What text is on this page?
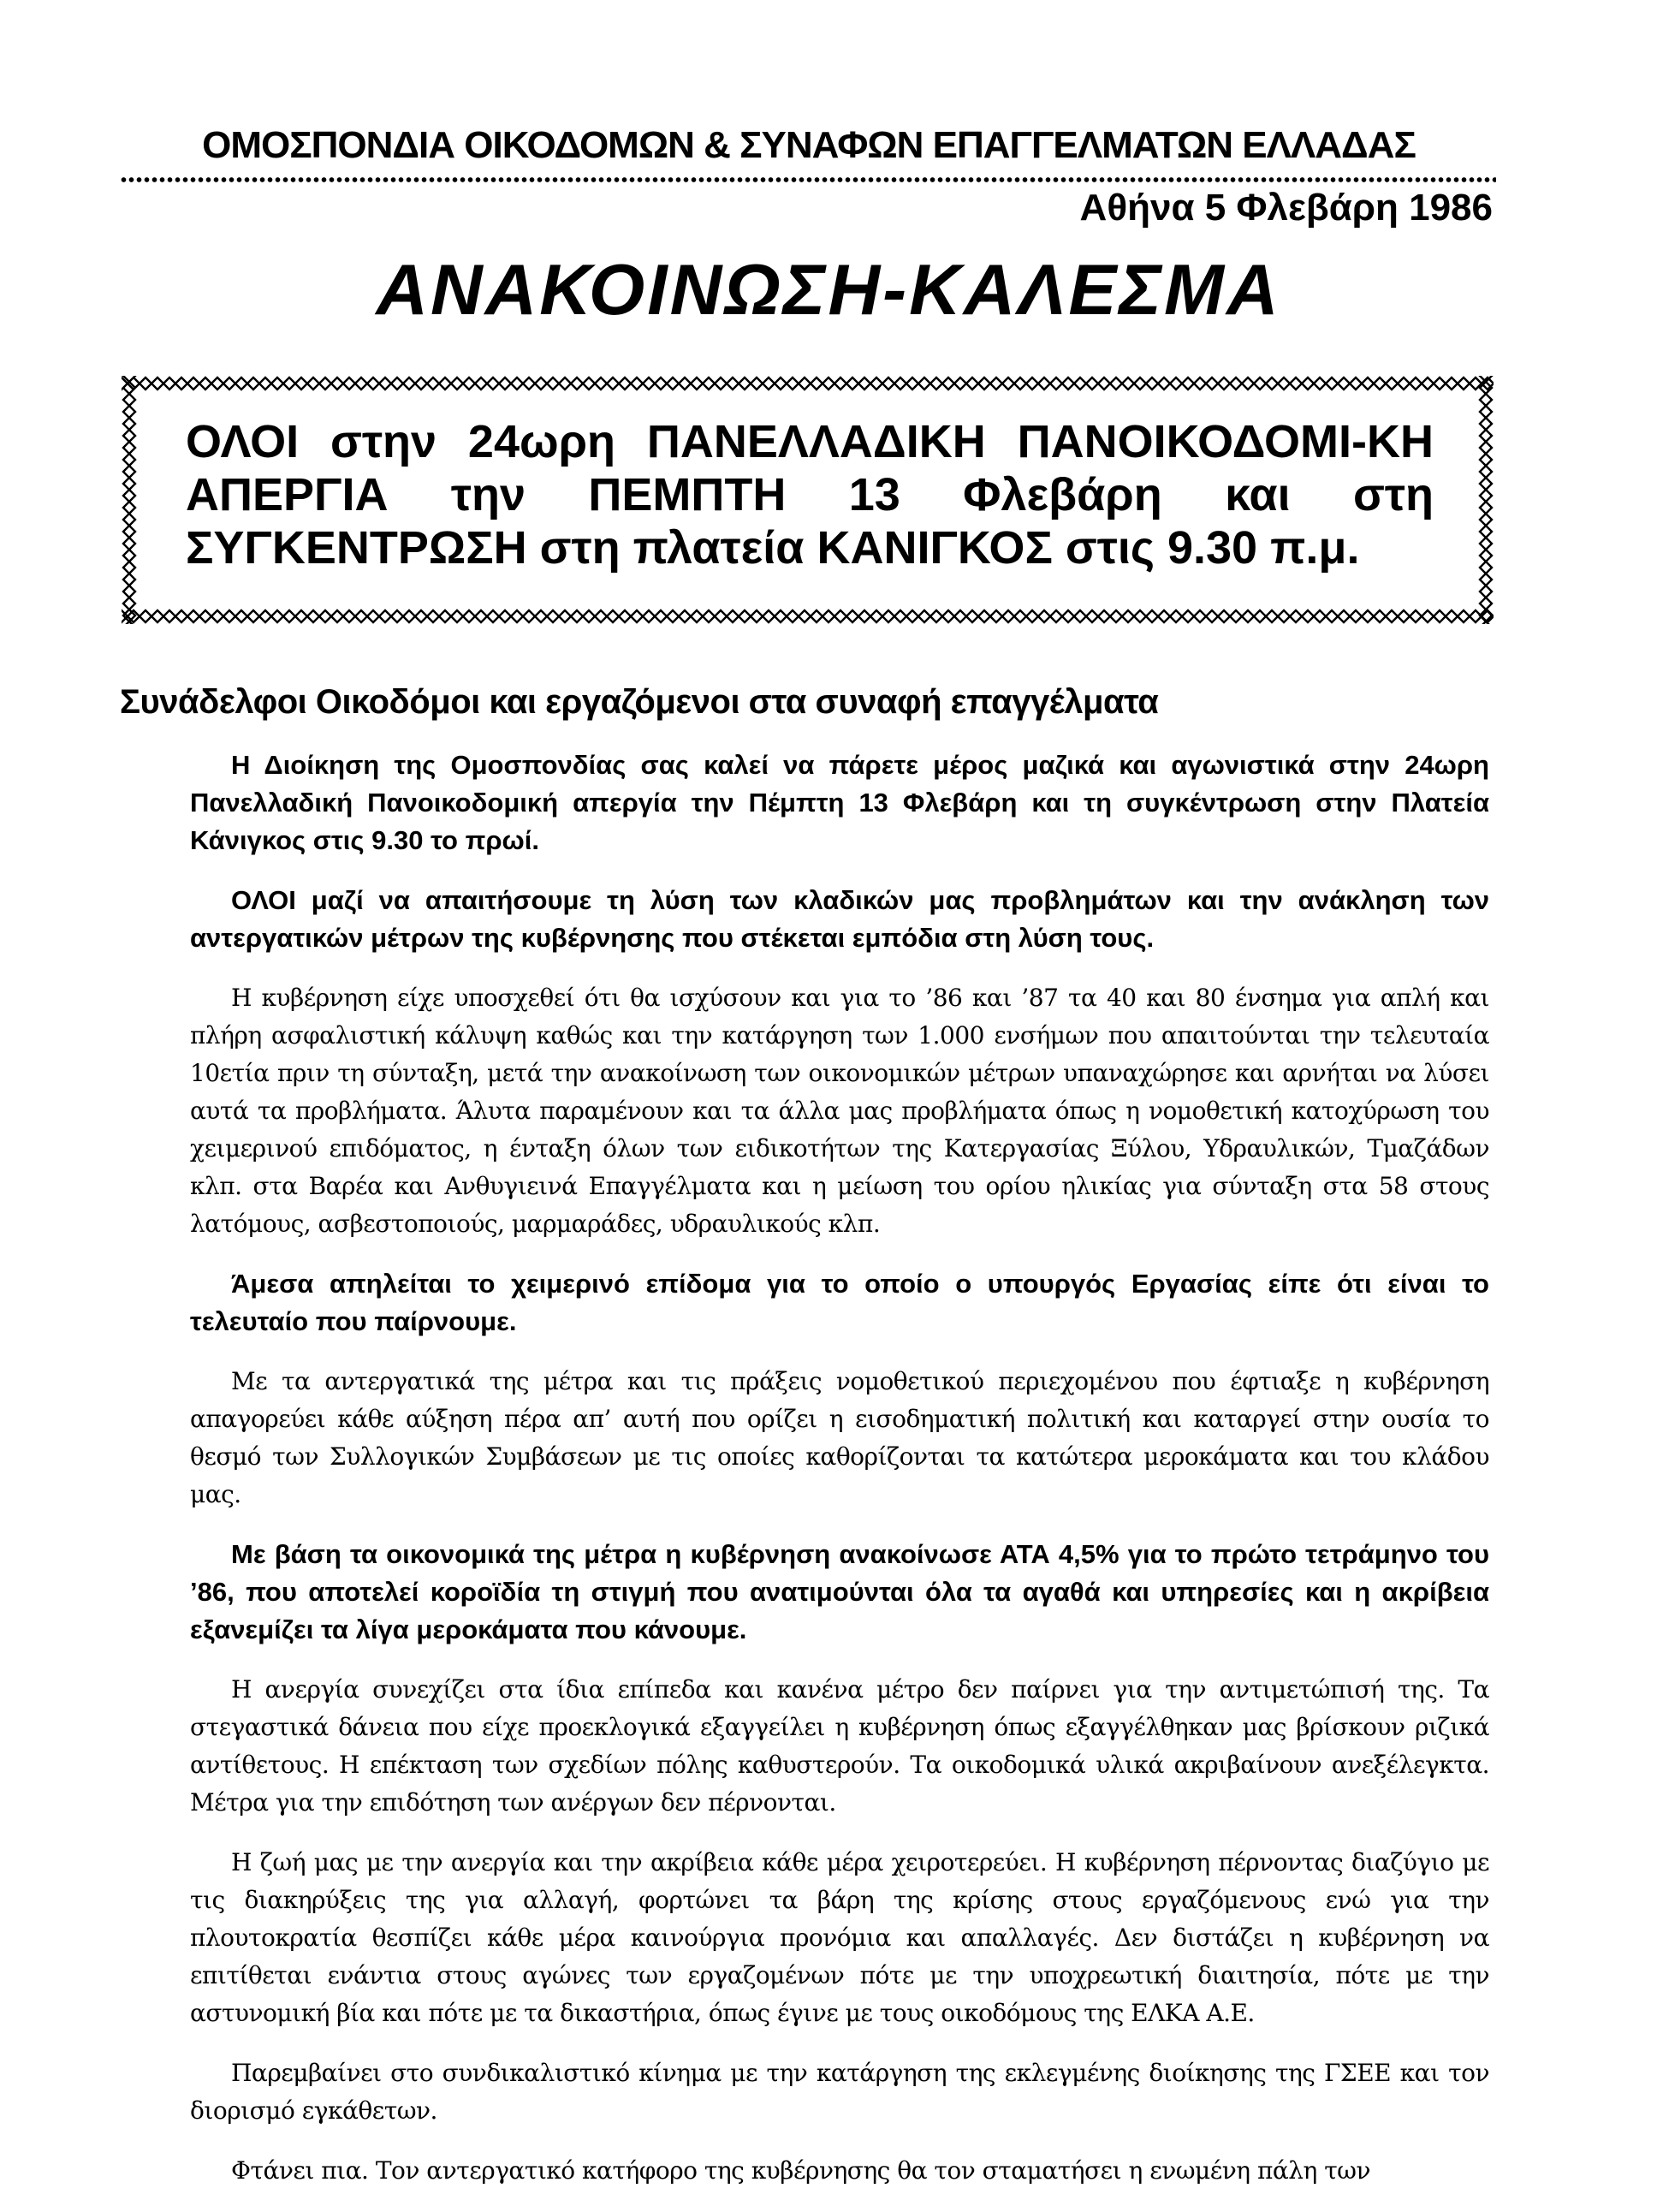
ΟΜΟΣΠΟΝΔΙΑ ΟΙΚΟΔΟΜΩΝ & ΣΥΝΑΦΩΝ ΕΠΑΓΓΕΛΜΑΤΩΝ ΕΛΛΑΔΑΣ
Αθήνα 5 Φλεβάρη 1986
ΑΝΑΚΟΙΝΩΣΗ-ΚΑΛΕΣΜΑ
ΟΛΟΙ στην 24ωρη ΠΑΝΕΛΛΑΔΙΚΗ ΠΑΝΟΙΚΟΔΟΜΙ-ΚΗ ΑΠΕΡΓΙΑ την ΠΕΜΠΤΗ 13 Φλεβάρη και στη ΣΥΓΚΕΝΤΡΩΣΗ στη πλατεία ΚΑΝΙΓΚΟΣ στις 9.30 π.μ.
Συνάδελφοι Οικοδόμοι και εργαζόμενοι στα συναφή επαγγέλματα

Η Διοίκηση της Ομοσπονδίας σας καλεί να πάρετε μέρος μαζικά και αγωνιστικά στην 24ωρη Πανελλαδική Πανοικοδομική απεργία την Πέμπτη 13 Φλεβάρη και τη συγκέντρωση στην Πλατεία Κάνιγκος στις 9.30 το πρωί.

ΟΛΟΙ μαζί να απαιτήσουμε τη λύση των κλαδικών μας προβλημάτων και την ανάκληση των αντεργατικών μέτρων της κυβέρνησης που στέκεται εμπόδια στη λύση τους.

Η κυβέρνηση είχε υποσχεθεί ότι θα ισχύσουν και για το ’86 και ’87 τα 40 και 80 ένσημα για απλή και πλήρη ασφαλιστική κάλυψη καθώς και την κατάργηση των 1.000 ενσήμων που απαιτούνται την τελευταία 10ετία πριν τη σύνταξη, μετά την ανακοίνωση των οικονομικών μέτρων υπαναχώρησε και αρνήται να λύσει αυτά τα προβλήματα. Άλυτα παραμένουν και τα άλλα μας προβλήματα όπως η νομοθετική κατοχύρωση του χειμερινού επιδόματος, η ένταξη όλων των ειδικοτήτων της Κατεργασίας Ξύλου, Υδραυλικών, Τμαζάδων κλπ. στα Βαρέα και Ανθυγιεινά Επαγγέλματα και η μείωση του ορίου ηλικίας για σύνταξη στα 58 στους λατόμους, ασβεστοποιούς, μαρμαράδες, υδραυλικούς κλπ.

Άμεσα απηλείται το χειμερινό επίδομα για το οποίο ο υπουργός Εργασίας είπε ότι είναι το τελευταίο που παίρνουμε.

Με τα αντεργατικά της μέτρα και τις πράξεις νομοθετικού περιεχομένου που έφτιαξε η κυβέρνηση απαγορεύει κάθε αύξηση πέρα απ’ αυτή που ορίζει η εισοδηματική πολιτική και καταργεί στην ουσία το θεσμό των Συλλογικών Συμβάσεων με τις οποίες καθορίζονται τα κατώτερα μεροκάματα και του κλάδου μας.

Με βάση τα οικονομικά της μέτρα η κυβέρνηση ανακοίνωσε ΑΤΑ 4,5% για το πρώτο τετράμηνο του ’86, που αποτελεί κοροϊδία τη στιγμή που ανατιμούνται όλα τα αγαθά και υπηρεσίες και η ακρίβεια εξανεμίζει τα λίγα μεροκάματα που κάνουμε.

Η ανεργία συνεχίζει στα ίδια επίπεδα και κανένα μέτρο δεν παίρνει για την αντιμετώπισή της. Τα στεγαστικά δάνεια που είχε προεκλογικά εξαγγείλει η κυβέρνηση όπως εξαγγέλθηκαν μας βρίσκουν ριζικά αντίθετους. Η επέκταση των σχεδίων πόλης καθυστερούν. Τα οικοδομικά υλικά ακριβαίνουν ανεξέλεγκτα. Μέτρα για την επιδότηση των ανέργων δεν πέρνονται.

Η ζωή μας με την ανεργία και την ακρίβεια κάθε μέρα χειροτερεύει. Η κυβέρνηση πέρνοντας διαζύγιο με τις διακηρύξεις της για αλλαγή, φορτώνει τα βάρη της κρίσης στους εργαζόμενους ενώ για την πλουτοκρατία θεσπίζει κάθε μέρα καινούργια προνόμια και απαλλαγές. Δεν διστάζει η κυβέρνηση να επιτίθεται ενάντια στους αγώνες των εργαζομένων πότε με την υποχρεωτική διαιτησία, πότε με την αστυνομική βία και πότε με τα δικαστήρια, όπως έγινε με τους οικοδόμους της ΕΛΚΑ Α.Ε.

Παρεμβαίνει στο συνδικαλιστικό κίνημα με την κατάργηση της εκλεγμένης διοίκησης της ΓΣΕΕ και τον διορισμό εγκάθετων.

Φτάνει πια. Τον αντεργατικό κατήφορο της κυβέρνησης θα τον σταματήσει η ενωμένη πάλη των
